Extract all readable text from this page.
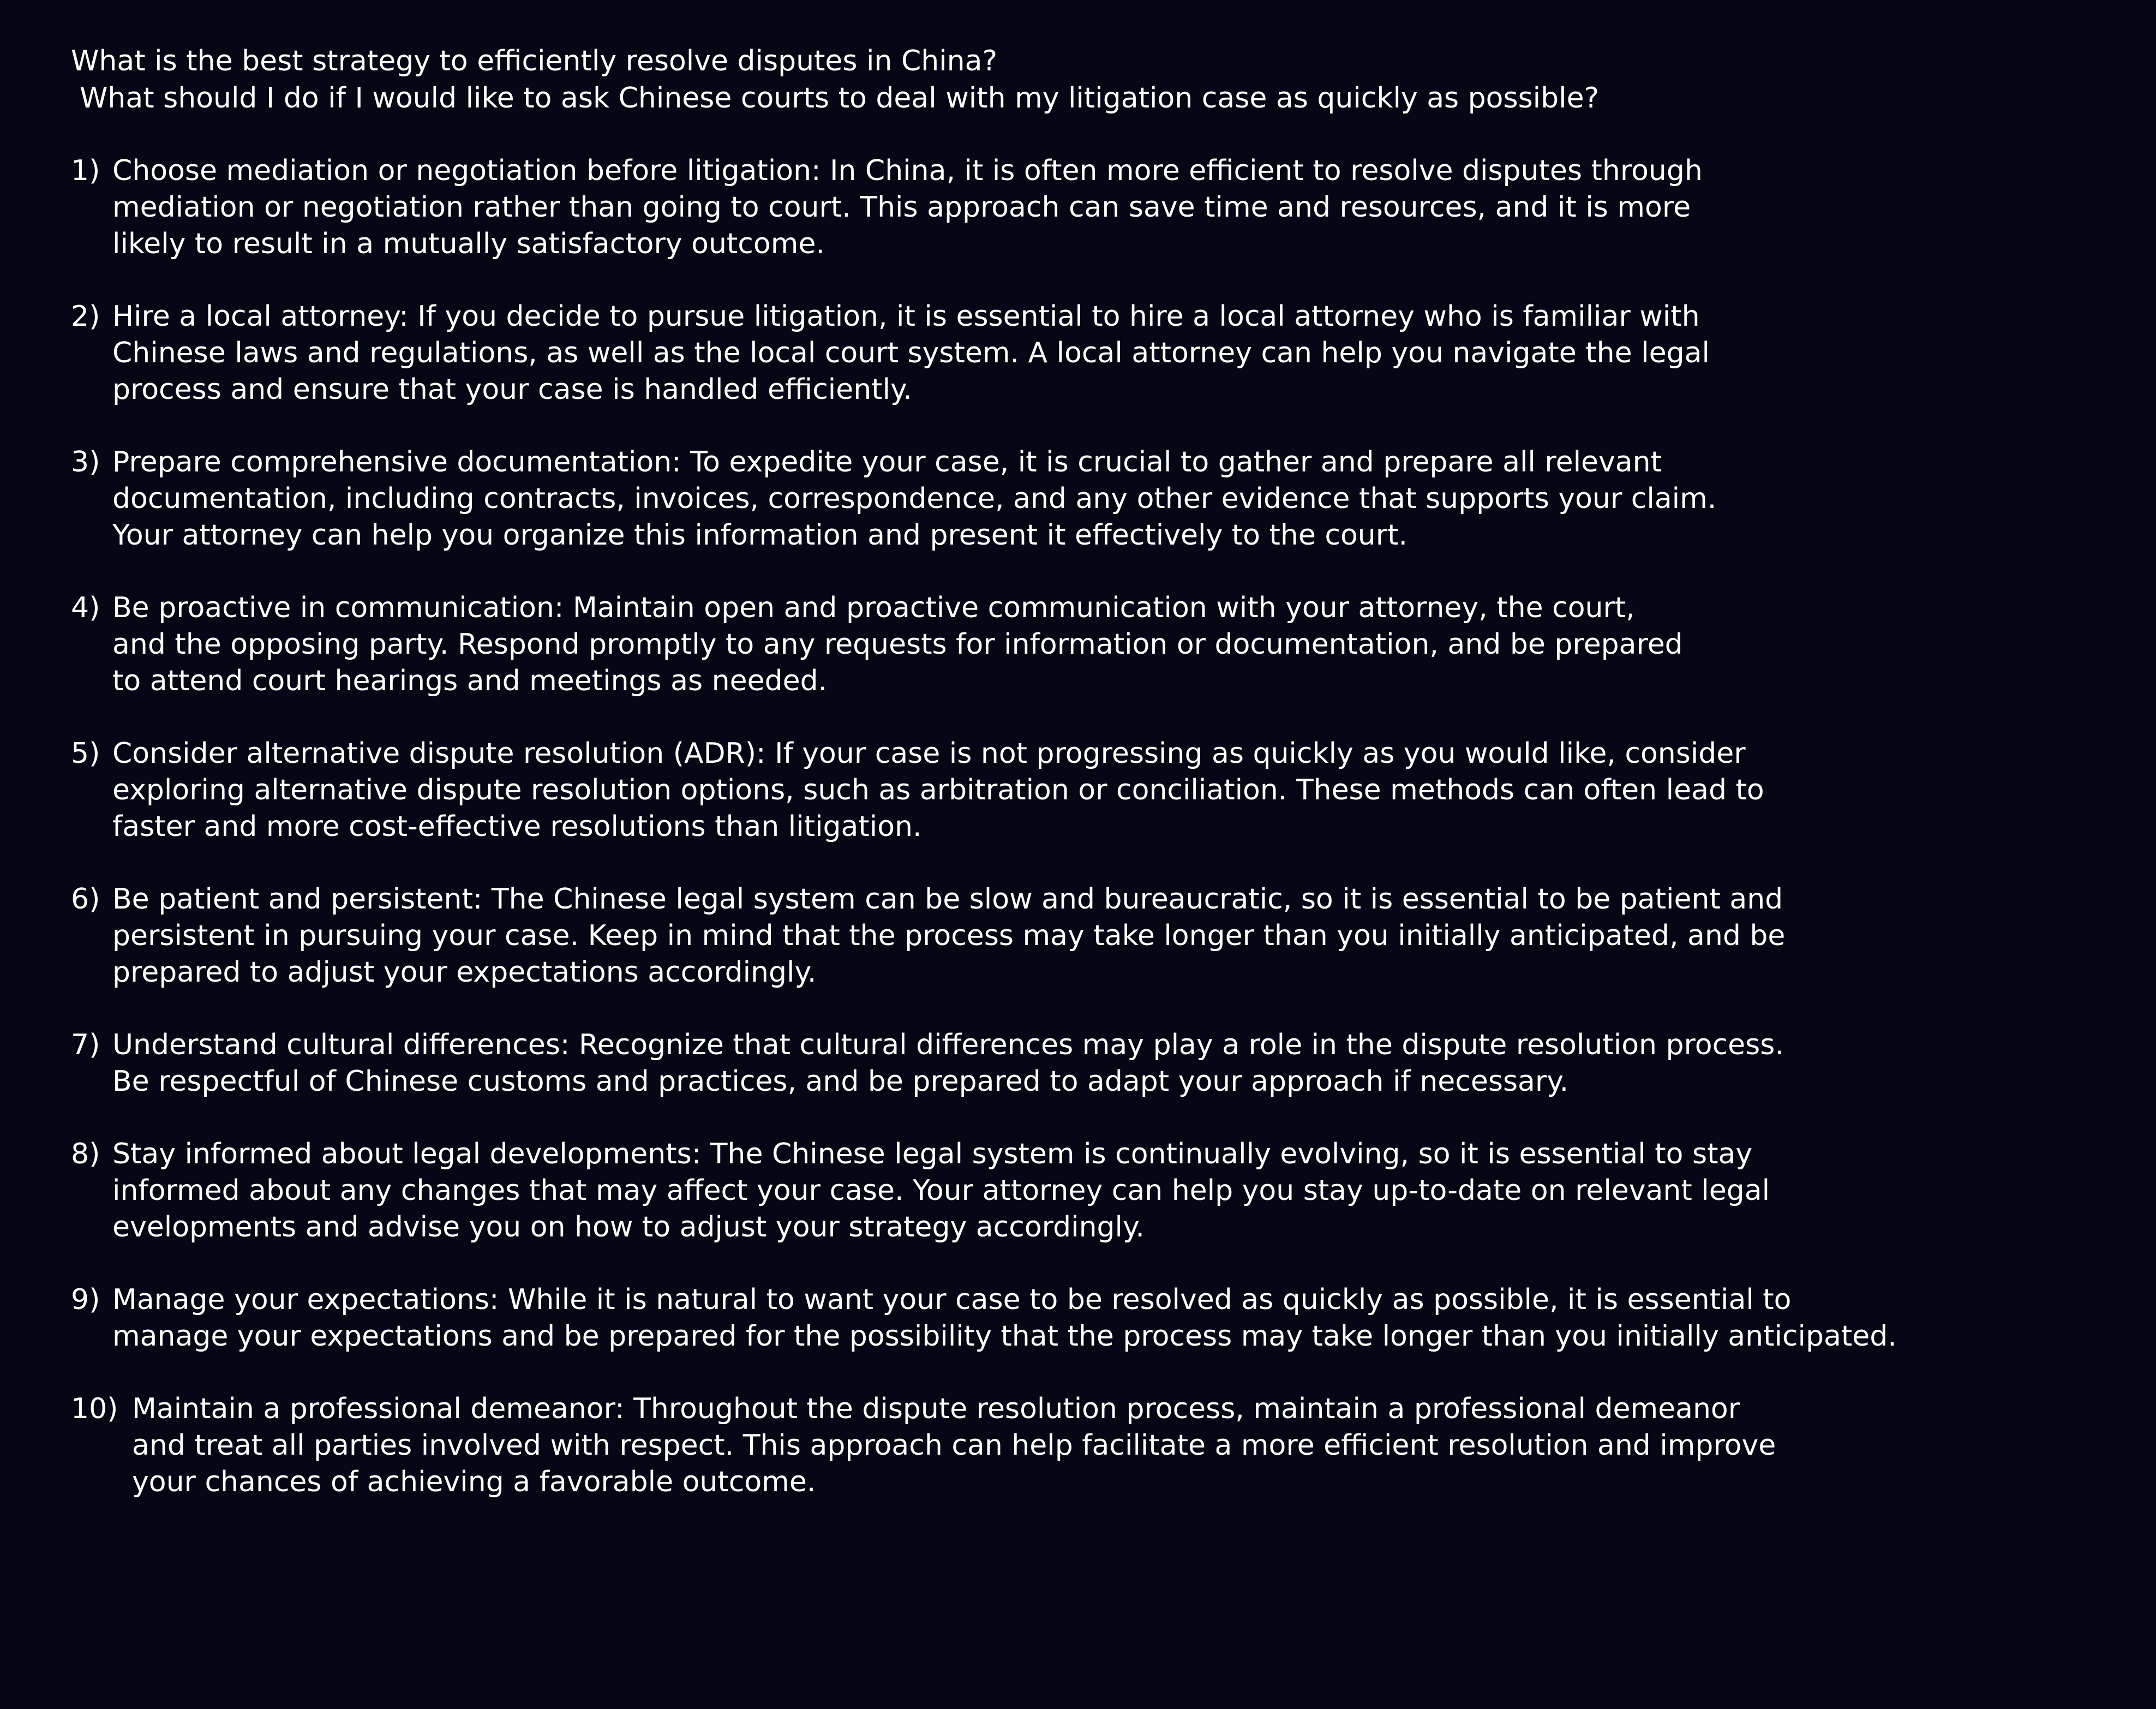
What is the best strategy to efficiently resolve disputes in China?

What should I do if I would like to ask Chinese courts to deal with my litigation case as quickly as possible?

1) Choose mediation or negotiation before litigation: In China, it is often more efficient to resolve disputes through
mediation or negotiation rather than going to court. This approach can save time and resources, and it is more
likely to result in a mutually satisfactory outcome.
2) Hire a local attorney: If you decide to pursue litigation, it is essential to hire a local attorney who is familiar with
Chinese laws and regulations, as well as the local court system. A local attorney can help you navigate the legal
process and ensure that your case is handled efficiently.
3) Prepare comprehensive documentation: To expedite your case, it is crucial to gather and prepare all relevant
documentation, including contracts, invoices, correspondence, and any other evidence that supports your claim.
Your attorney can help you organize this information and present it effectively to the court.
4) Be proactive in communication: Maintain open and proactive communication with your attorney, the court,
and the opposing party. Respond promptly to any requests for information or documentation, and be prepared
to attend court hearings and meetings as needed.
5) Consider alternative dispute resolution (ADR): If your case is not progressing as quickly as you would like, consider
exploring alternative dispute resolution options, such as arbitration or conciliation. These methods can often lead to
faster and more cost-effective resolutions than litigation.
6) Be patient and persistent: The Chinese legal system can be slow and bureaucratic, so it is essential to be patient and
persistent in pursuing your case. Keep in mind that the process may take longer than you initially anticipated, and be
prepared to adjust your expectations accordingly.
7) Understand cultural differences: Recognize that cultural differences may play a role in the dispute resolution process.
Be respectful of Chinese customs and practices, and be prepared to adapt your approach if necessary.
8) Stay informed about legal developments: The Chinese legal system is continually evolving, so it is essential to stay
informed about any changes that may affect your case. Your attorney can help you stay up-to-date on relevant legal
evelopments and advise you on how to adjust your strategy accordingly.
9) Manage your expectations: While it is natural to want your case to be resolved as quickly as possible, it is essential to
manage your expectations and be prepared for the possibility that the process may take longer than you initially anticipated.
10) Maintain a professional demeanor: Throughout the dispute resolution process, maintain a professional demeanor
and treat all parties involved with respect. This approach can help facilitate a more efficient resolution and improve
your chances of achieving a favorable outcome.
